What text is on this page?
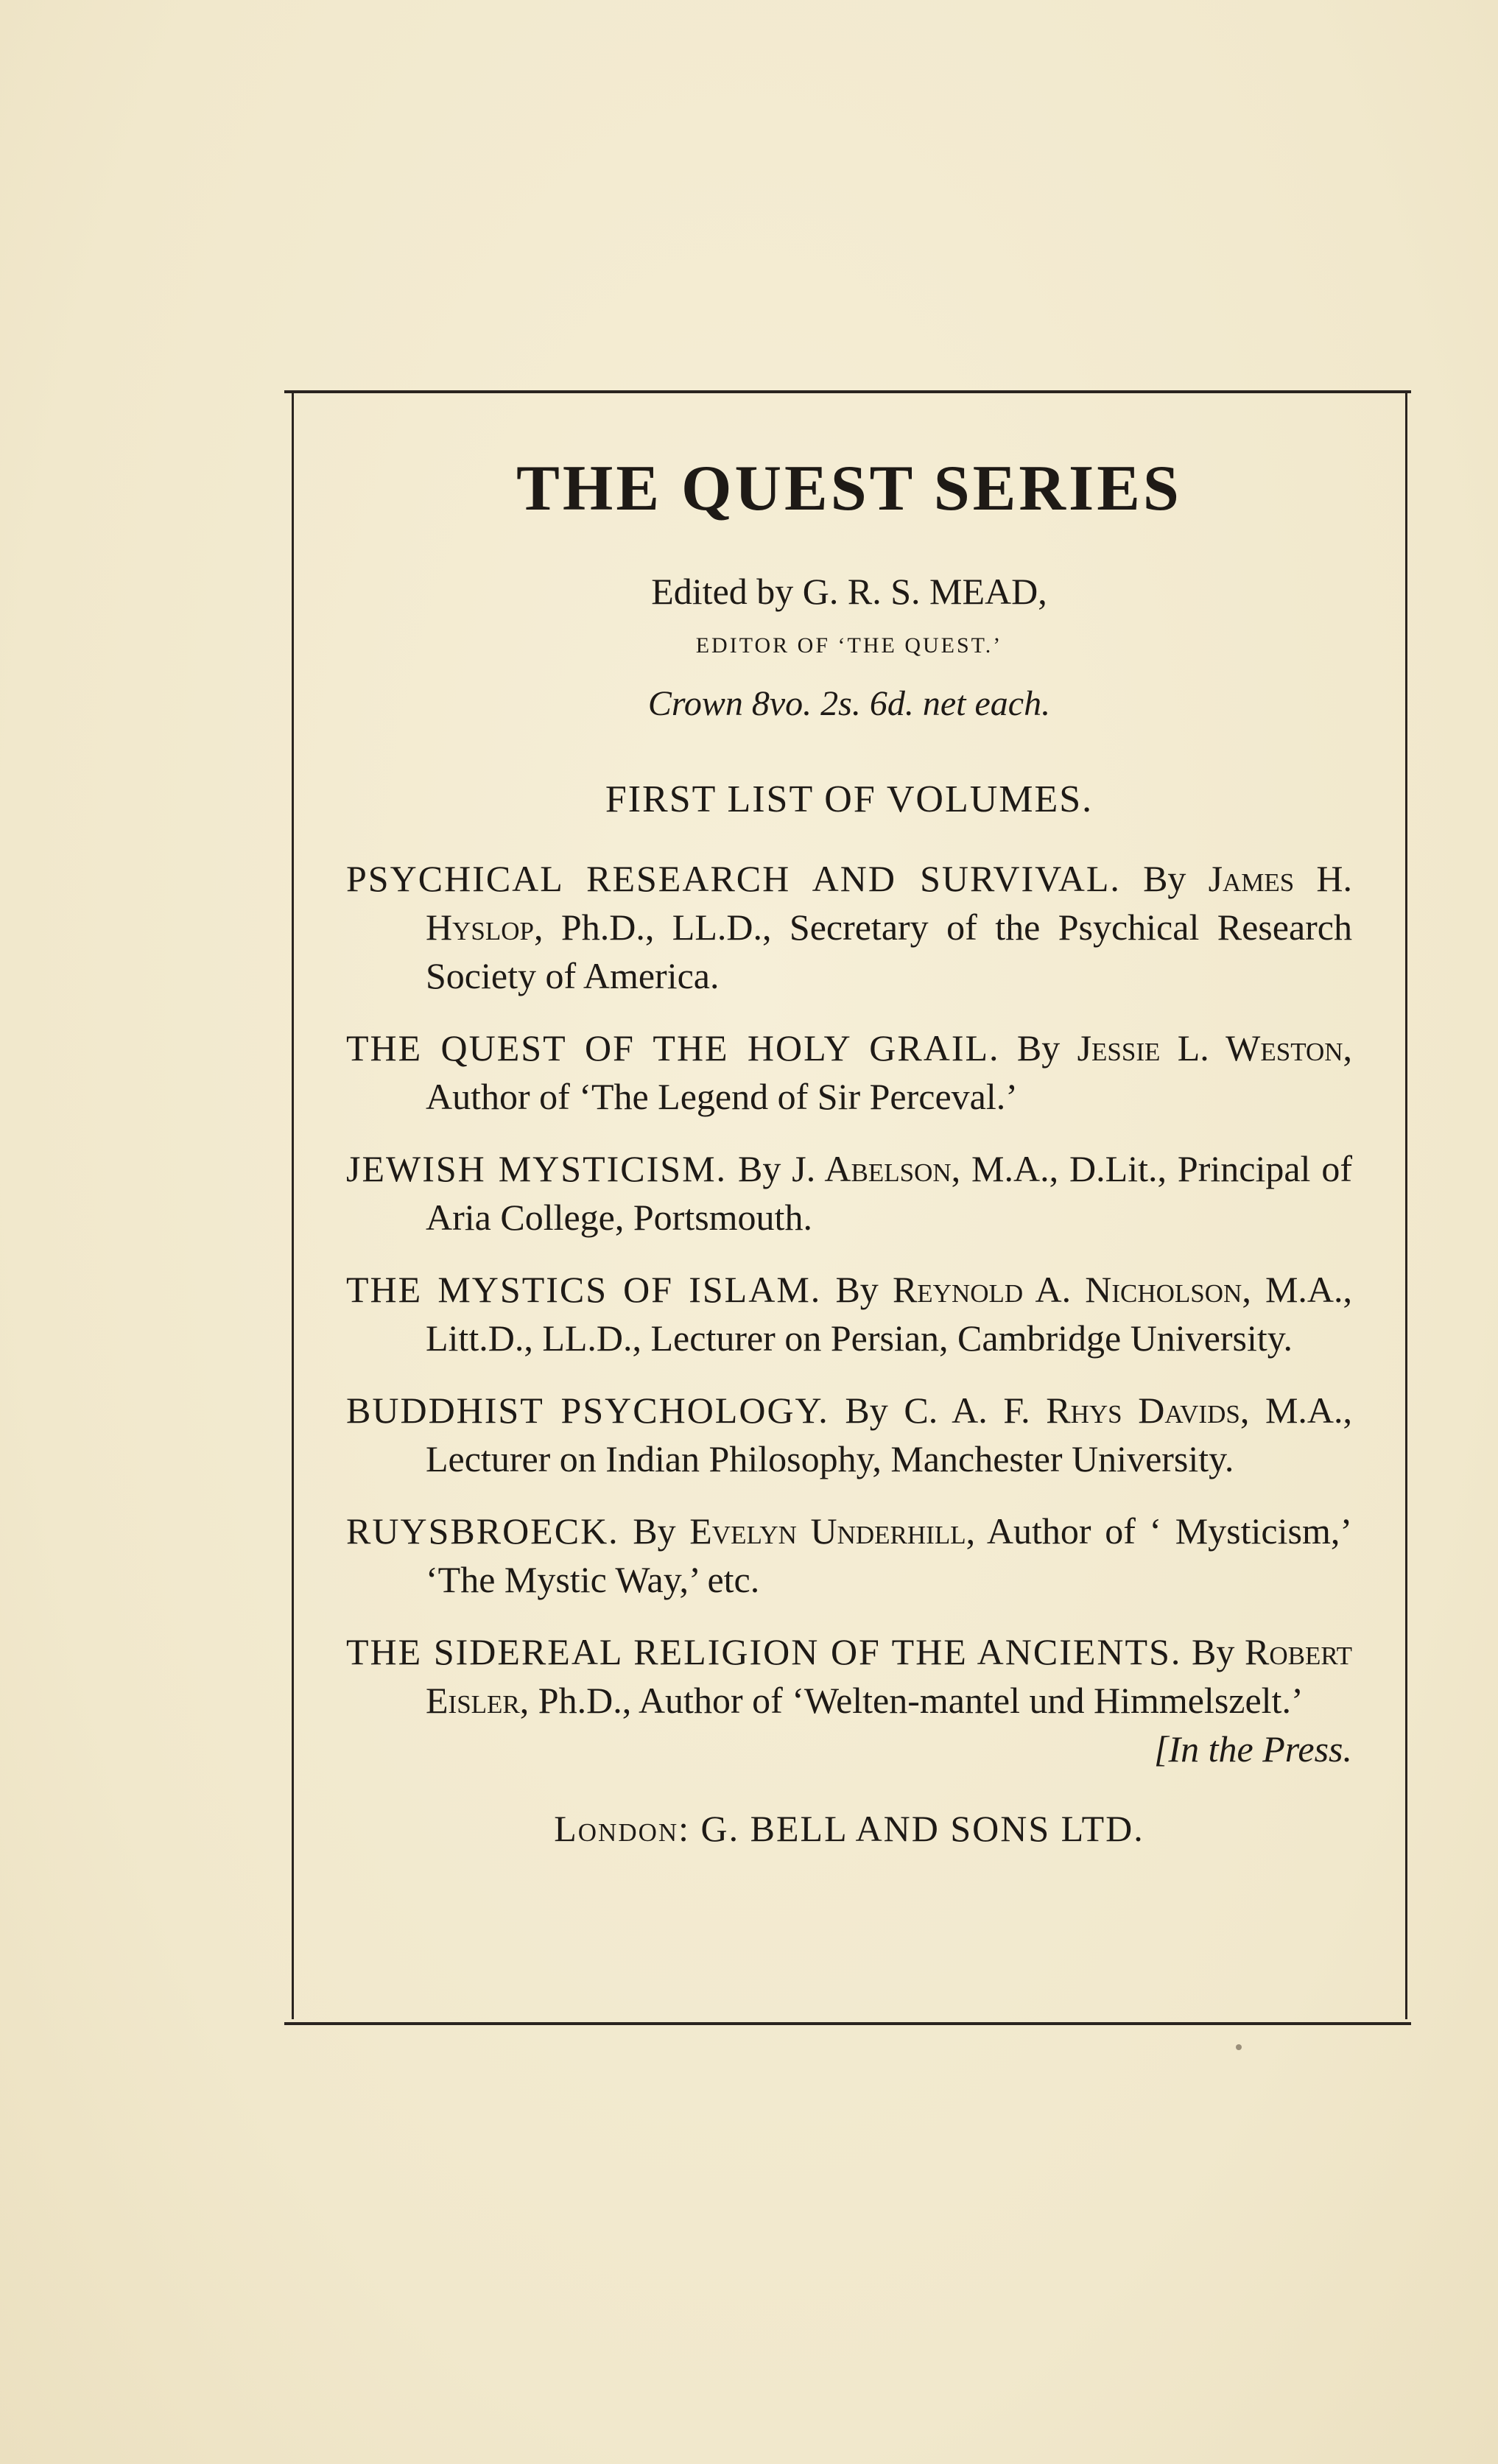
THE QUEST SERIES
Edited by G. R. S. MEAD,
EDITOR OF ‘THE QUEST.’
Crown 8vo. 2s. 6d. net each.
FIRST LIST OF VOLUMES.
PSYCHICAL RESEARCH AND SURVIVAL. By James H. Hyslop, Ph.D., LL.D., Secretary of the Psychical Research Society of America.
THE QUEST OF THE HOLY GRAIL. By Jessie L. Weston, Author of ‘The Legend of Sir Perceval.’
JEWISH MYSTICISM. By J. Abelson, M.A., D.Lit., Principal of Aria College, Portsmouth.
THE MYSTICS OF ISLAM. By Reynold A. Nicholson, M.A., Litt.D., LL.D., Lecturer on Persian, Cambridge University.
BUDDHIST PSYCHOLOGY. By C. A. F. Rhys Davids, M.A., Lecturer on Indian Philosophy, Manchester University.
RUYSBROECK. By Evelyn Underhill, Author of ‘ Mysticism,’ ‘The Mystic Way,’ etc.
THE SIDEREAL RELIGION OF THE ANCIENTS. By Robert Eisler, Ph.D., Author of ‘Welten-mantel und Himmelszelt.’
[In the Press.
London: G. BELL AND SONS LTD.
